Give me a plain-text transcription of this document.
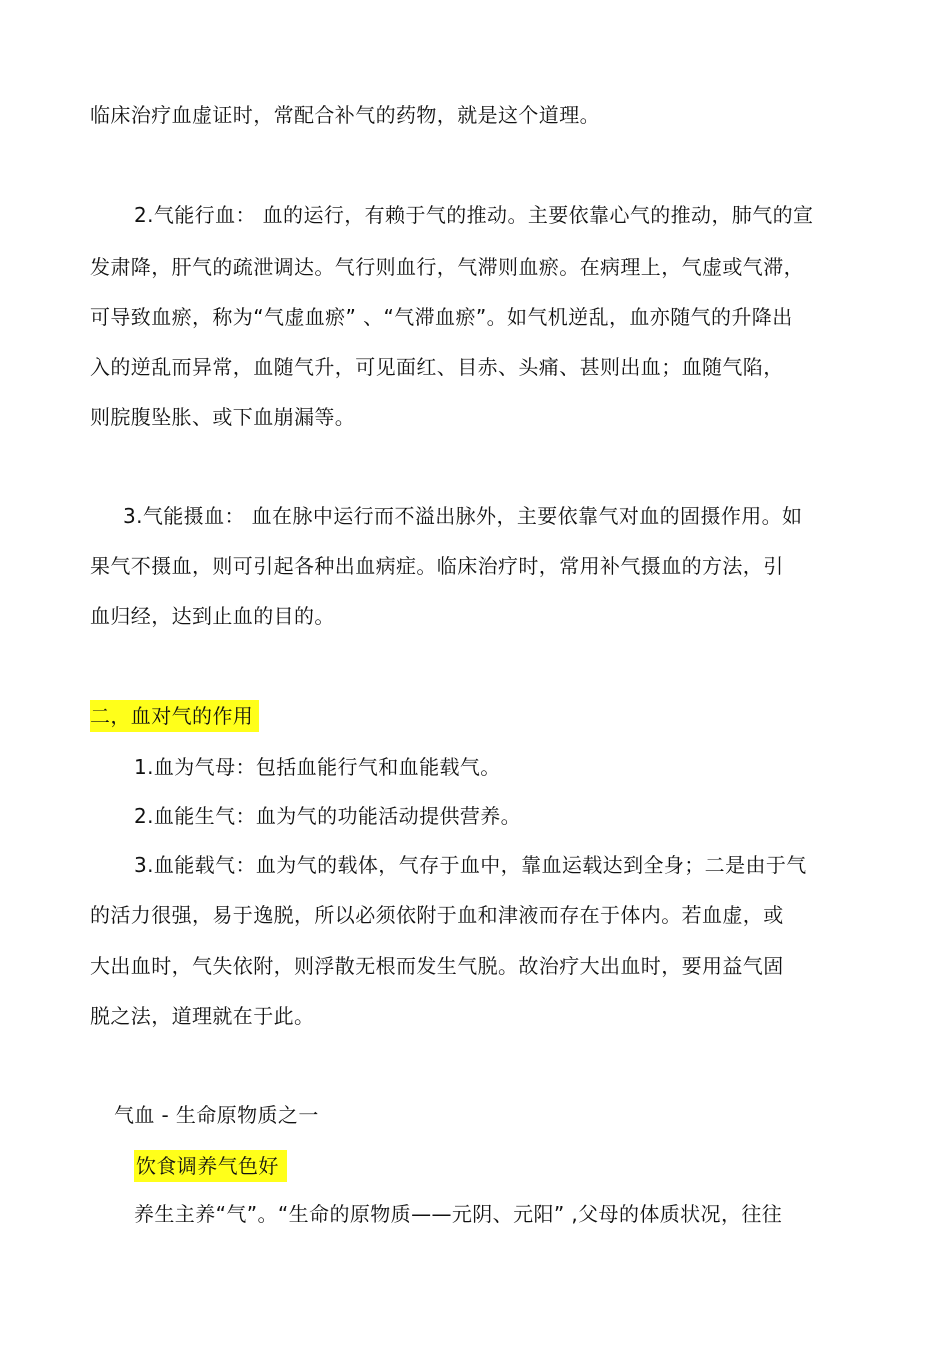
临床治疗血虚证时，常配合补气的药物，就是这个道理。
2.气能行血： 血的运行，有赖于气的推动。主要依靠心气的推动，肺气的宣
发肃降，肝气的疏泄调达。气行则血行，气滞则血瘀。在病理上，气虚或气滞，
可导致血瘀，称为“气虚血瘀” 、“气滞血瘀”。如气机逆乱，血亦随气的升降出
入的逆乱而异常，血随气升，可见面红、目赤、头痛、甚则出血；血随气陷，
则脘腹坠胀、或下血崩漏等。
3.气能摄血： 血在脉中运行而不溢出脉外，主要依靠气对血的固摄作用。如
果气不摄血，则可引起各种出血病症。临床治疗时，常用补气摄血的方法，引
血归经，达到止血的目的。
二，血对气的作用
1.血为气母：包括血能行气和血能载气。
2.血能生气：血为气的功能活动提供营养。
3.血能载气：血为气的载体，气存于血中，靠血运载达到全身；二是由于气
的活力很强，易于逸脱，所以必须依附于血和津液而存在于体内。若血虚，或
大出血时，气失依附，则浮散无根而发生气脱。故治疗大出血时，要用益气固
脱之法，道理就在于此。
气血 - 生命原物质之一
饮食调养气色好
养生主养“气”。“生命的原物质——元阴、元阳” ,父母的体质状况，往往
